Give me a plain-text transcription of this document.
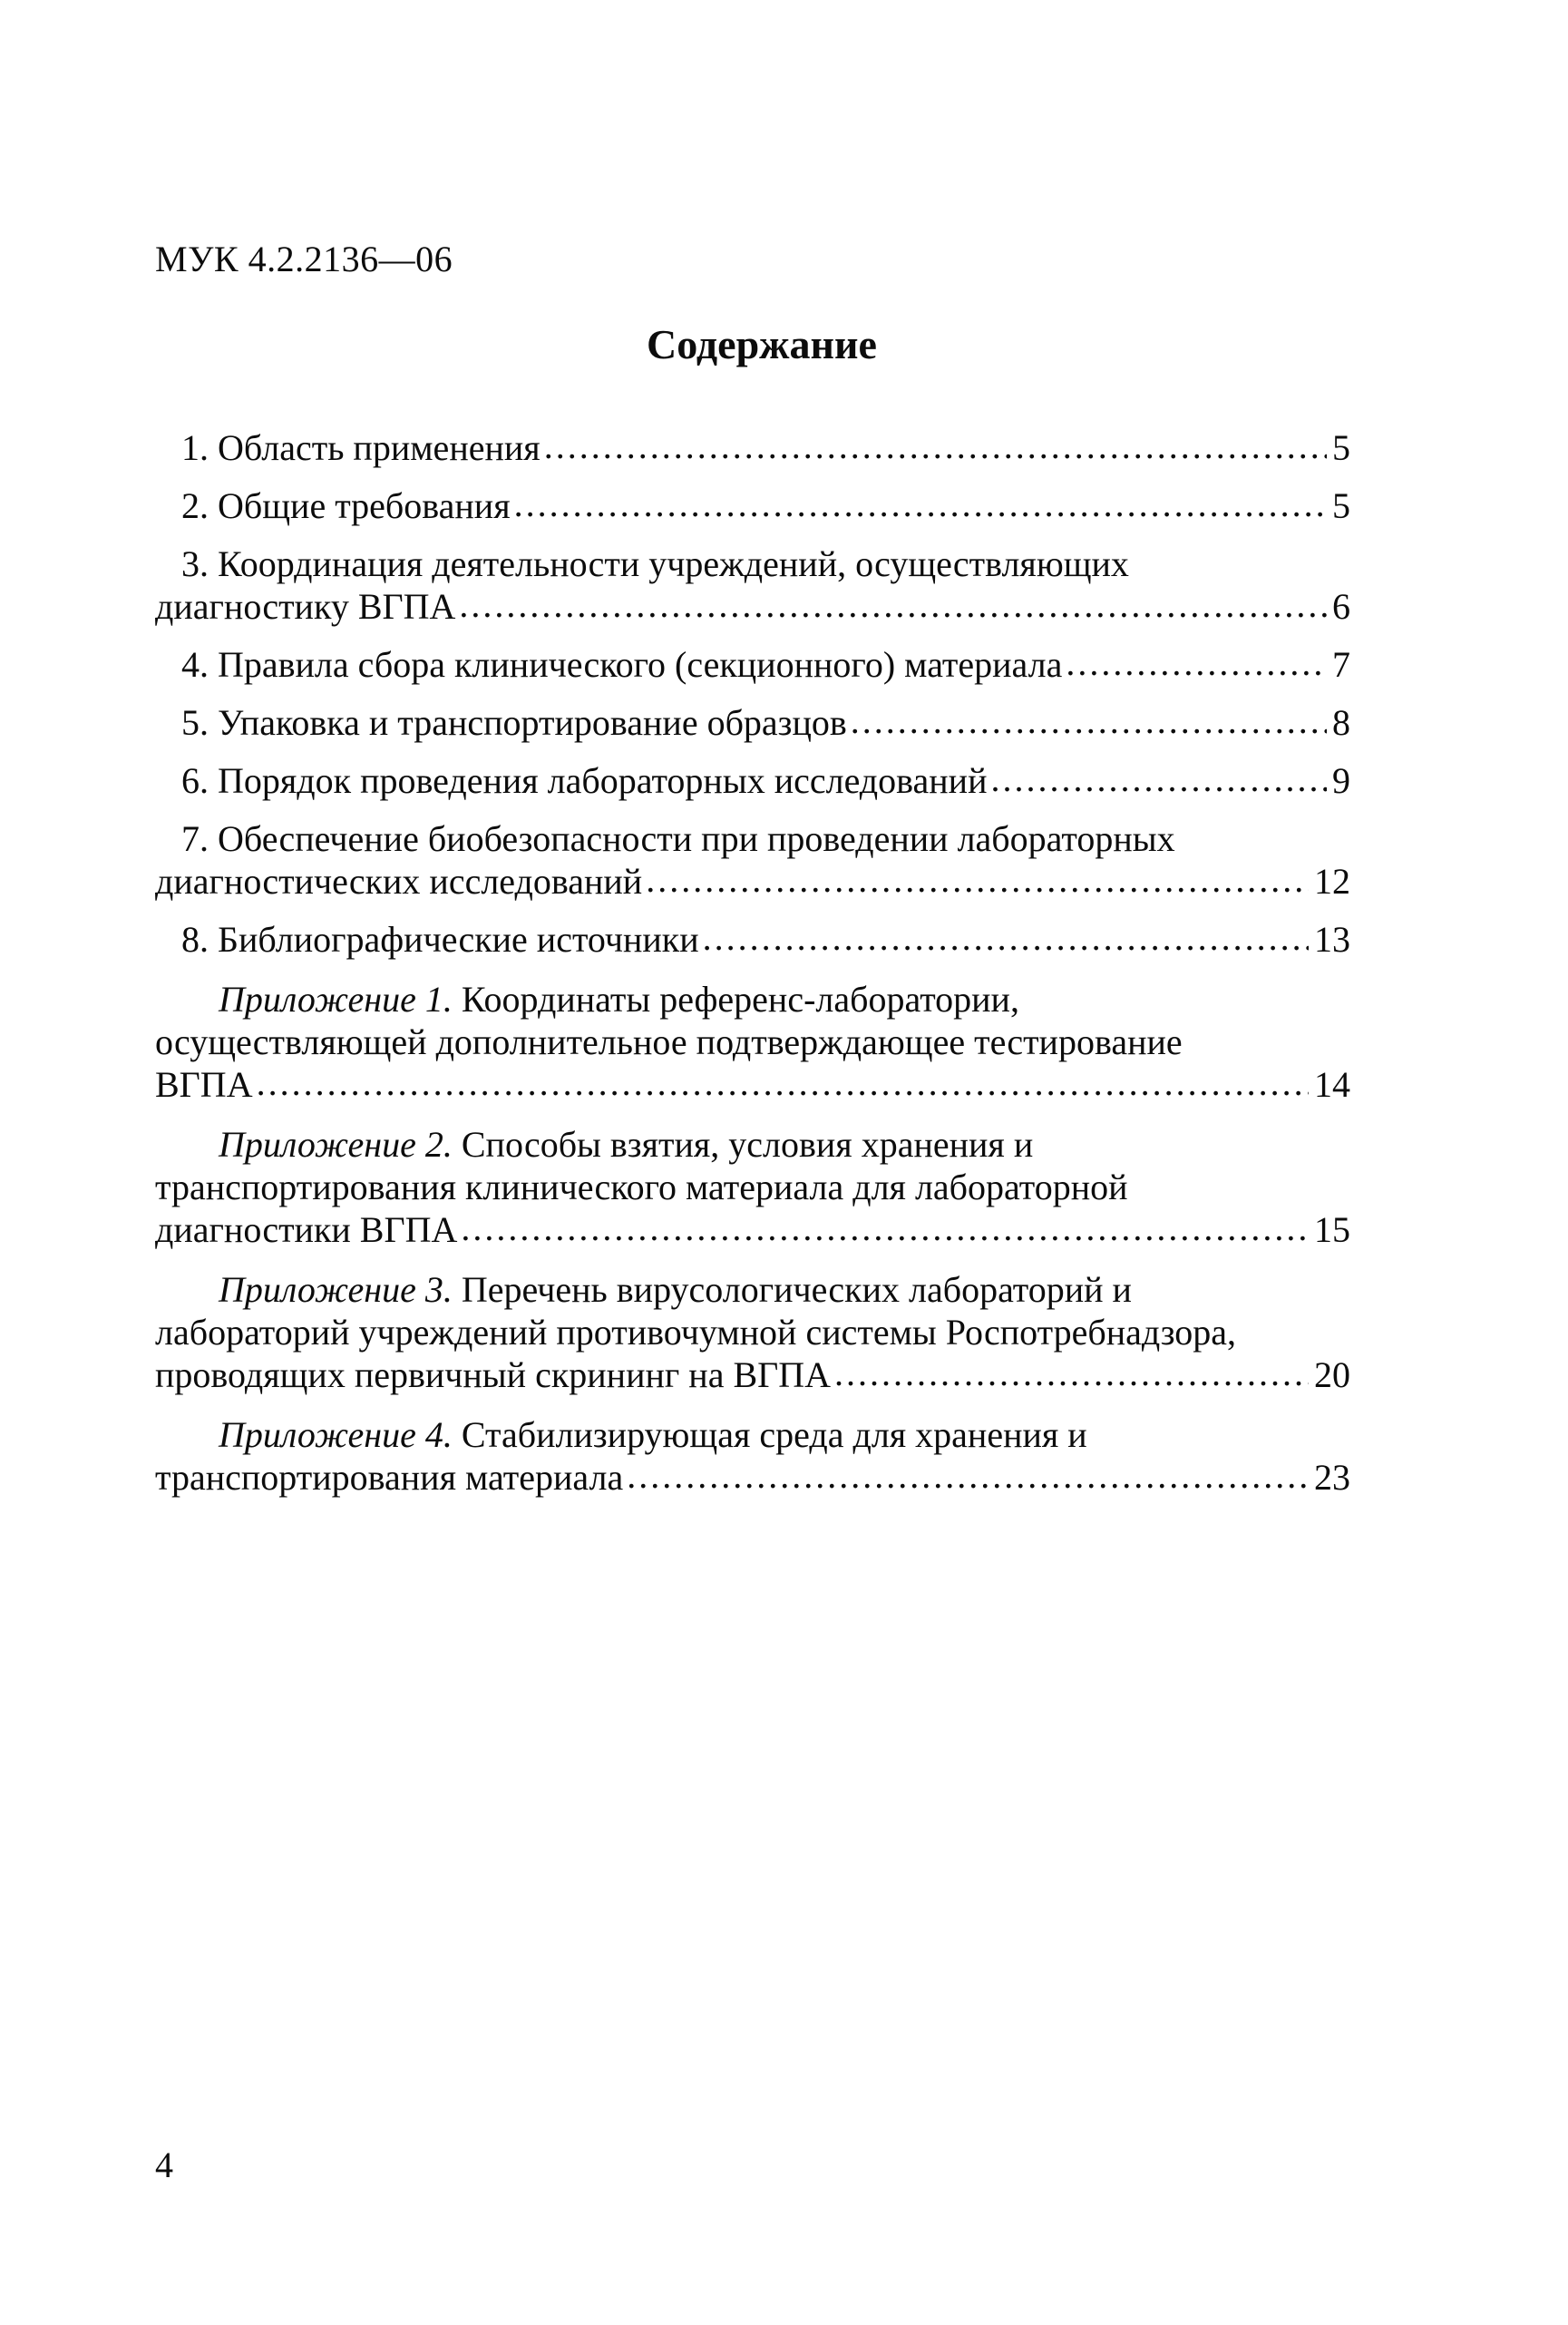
МУК 4.2.2136—06
Содержание
1. Область применения .....	5
2. Общие требования .....	5
3. Координация деятельности учреждений, осуществляющих
диагностику ВГПА .....	6
4. Правила сбора клинического (секционного) материала .....	7
5. Упаковка и транспортирование образцов .....	8
6. Порядок проведения лабораторных исследований .....	9
7. Обеспечение биобезопасности при проведении лабораторных
диагностических исследований .....	12
8. Библиографические источники .....	13
Приложение 1. Координаты референс-лаборатории,
осуществляющей дополнительное подтверждающее тестирование
ВГПА .....	14
Приложение 2. Способы взятия, условия хранения и
транспортирования клинического материала для лабораторной
диагностики ВГПА .....	15
Приложение 3. Перечень вирусологических лабораторий и
лабораторий учреждений противочумной системы Роспотребнадзора,
проводящих первичный скрининг на ВГПА .....	20
Приложение 4. Стабилизирующая среда для хранения и
транспортирования материала .....	23
4
